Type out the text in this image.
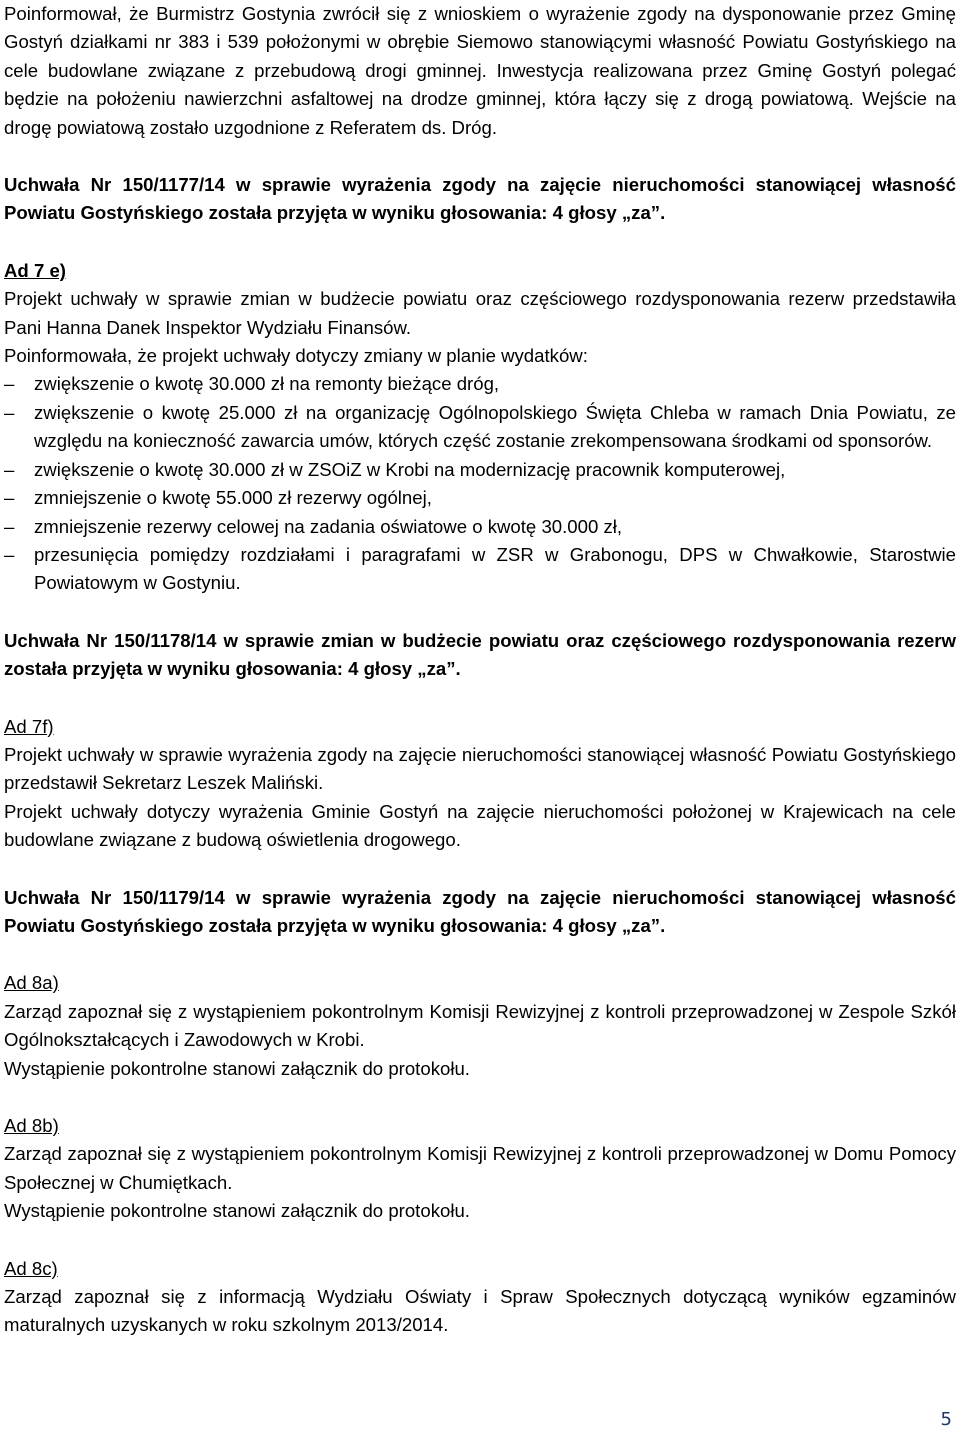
Poinformował, że Burmistrz Gostynia zwrócił się z wnioskiem o wyrażenie zgody na dysponowanie przez Gminę Gostyń działkami nr 383 i 539 położonymi w obrębie Siemowo stanowiącymi własność Powiatu Gostyńskiego na cele budowlane związane z przebudową drogi gminnej. Inwestycja realizowana przez Gminę Gostyń polegać będzie na położeniu nawierzchni asfaltowej na drodze gminnej, która łączy się z drogą powiatową. Wejście na drogę powiatową zostało uzgodnione z Referatem ds. Dróg.

Uchwała Nr 150/1177/14 w sprawie wyrażenia zgody na zajęcie nieruchomości stanowiącej własność Powiatu Gostyńskiego została przyjęta w wyniku głosowania: 4 głosy „za”.

Ad 7 e)

Projekt uchwały w sprawie zmian w budżecie powiatu oraz częściowego rozdysponowania rezerw przedstawiła Pani Hanna Danek Inspektor Wydziału Finansów.

Poinformowała, że projekt uchwały dotyczy zmiany w planie wydatków:

–	zwiększenie o kwotę 30.000 zł na remonty bieżące dróg,
–	zwiększenie o kwotę 25.000 zł na organizację Ogólnopolskiego Święta Chleba w ramach Dnia Powiatu, ze względu na konieczność zawarcia umów, których część zostanie zrekompensowana środkami od sponsorów.
–	zwiększenie o kwotę 30.000 zł w ZSOiZ w Krobi na modernizację pracownik komputerowej,
–	zmniejszenie o kwotę 55.000 zł rezerwy ogólnej,
–	zmniejszenie rezerwy celowej na zadania oświatowe o kwotę 30.000 zł,
–	przesunięcia pomiędzy rozdziałami i paragrafami w ZSR w Grabonogu, DPS w Chwałkowie, Starostwie Powiatowym w Gostyniu.

Uchwała Nr 150/1178/14 w sprawie zmian w budżecie powiatu oraz częściowego rozdysponowania rezerw została przyjęta w wyniku głosowania: 4 głosy „za”.

Ad 7f)

Projekt uchwały w sprawie wyrażenia zgody na zajęcie nieruchomości stanowiącej własność Powiatu Gostyńskiego przedstawił Sekretarz Leszek Maliński.

Projekt uchwały dotyczy wyrażenia Gminie Gostyń na zajęcie nieruchomości położonej w Krajewicach na cele budowlane związane z budową oświetlenia drogowego.

Uchwała Nr 150/1179/14 w sprawie wyrażenia zgody na zajęcie nieruchomości stanowiącej własność Powiatu Gostyńskiego została przyjęta w wyniku głosowania: 4 głosy „za”.

Ad 8a)

Zarząd zapoznał się z wystąpieniem pokontrolnym Komisji Rewizyjnej z kontroli przeprowadzonej w Zespole Szkół Ogólnokształcących i Zawodowych w Krobi.

Wystąpienie pokontrolne stanowi załącznik do protokołu.

Ad 8b)

Zarząd zapoznał się z wystąpieniem pokontrolnym Komisji Rewizyjnej z kontroli przeprowadzonej w Domu Pomocy Społecznej w Chumiętkach.

Wystąpienie pokontrolne stanowi załącznik do protokołu.

Ad 8c)

Zarząd zapoznał się z informacją Wydziału Oświaty i Spraw Społecznych dotyczącą wyników egzaminów maturalnych uzyskanych w roku szkolnym 2013/2014.

5
